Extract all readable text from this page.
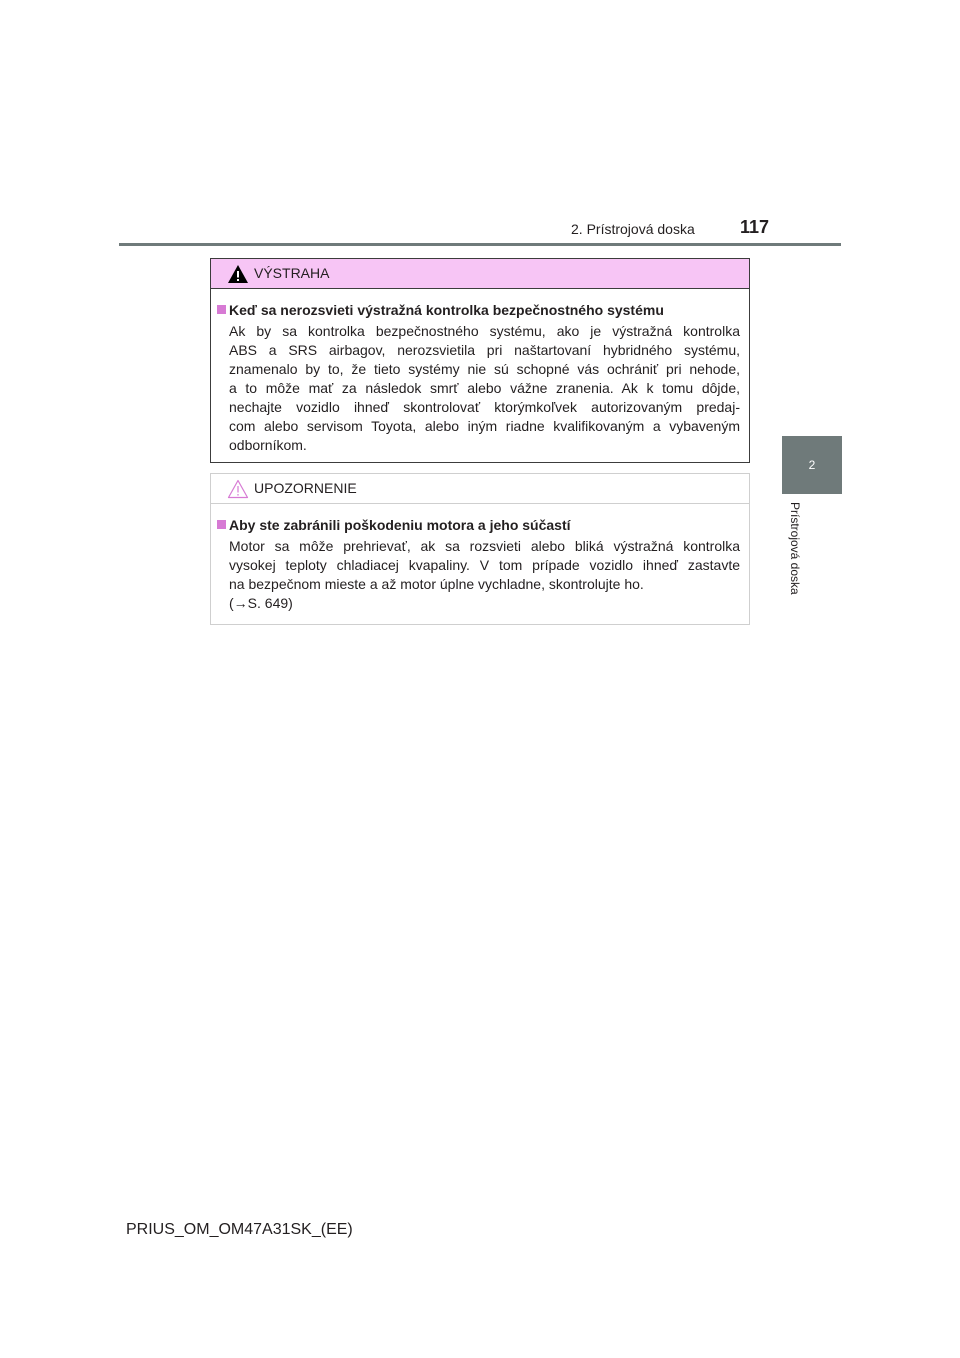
2. Prístrojová doska	117
2
Prístrojová doska
VÝSTRAHA
Keď sa nerozsvieti výstražná kontrolka bezpečnostného systému
Ak by sa kontrolka bezpečnostného systému, ako je výstražná kontrolka
ABS a SRS airbagov, nerozsvietila pri naštartovaní hybridného systému,
znamenalo by to, že tieto systémy nie sú schopné vás ochrániť pri nehode,
a to môže mať za následok smrť alebo vážne zranenia. Ak k tomu dôjde,
nechajte vozidlo ihneď skontrolovať ktorýmkoľvek autorizovaným predaj-
com alebo servisom Toyota, alebo iným riadne kvalifikovaným a vybaveným
odborníkom.
UPOZORNENIE
Aby ste zabránili poškodeniu motora a jeho súčastí
Motor sa môže prehrievať, ak sa rozsvieti alebo bliká výstražná kontrolka
vysokej teploty chladiacej kvapaliny. V tom prípade vozidlo ihneď zastavte
na bezpečnom mieste a až motor úplne vychladne, skontrolujte ho.
(→S. 649)
PRIUS_OM_OM47A31SK_(EE)
